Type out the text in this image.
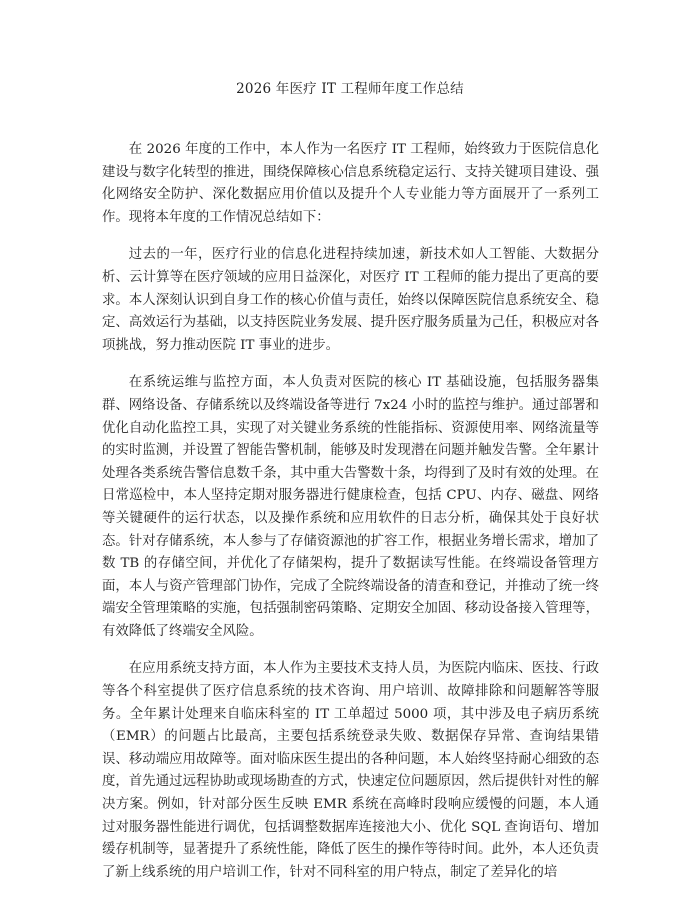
2026 年医疗 IT 工程师年度工作总结

在 2026 年度的工作中，本人作为一名医疗 IT 工程师，始终致力于医院信息化建设与数字化转型的推进，围绕保障核心信息系统稳定运行、支持关键项目建设、强化网络安全防护、深化数据应用价值以及提升个人专业能力等方面展开了一系列工作。现将本年度的工作情况总结如下：

过去的一年，医疗行业的信息化进程持续加速，新技术如人工智能、大数据分析、云计算等在医疗领域的应用日益深化，对医疗 IT 工程师的能力提出了更高的要求。本人深刻认识到自身工作的核心价值与责任，始终以保障医院信息系统安全、稳定、高效运行为基础，以支持医院业务发展、提升医疗服务质量为己任，积极应对各项挑战，努力推动医院 IT 事业的进步。

在系统运维与监控方面，本人负责对医院的核心 IT 基础设施，包括服务器集群、网络设备、存储系统以及终端设备等进行 7x24 小时的监控与维护。通过部署和优化自动化监控工具，实现了对关键业务系统的性能指标、资源使用率、网络流量等的实时监测，并设置了智能告警机制，能够及时发现潜在问题并触发告警。全年累计处理各类系统告警信息数千条，其中重大告警数十条，均得到了及时有效的处理。在日常巡检中，本人坚持定期对服务器进行健康检查，包括 CPU、内存、磁盘、网络等关键硬件的运行状态，以及操作系统和应用软件的日志分析，确保其处于良好状态。针对存储系统，本人参与了存储资源池的扩容工作，根据业务增长需求，增加了数 TB 的存储空间，并优化了存储架构，提升了数据读写性能。在终端设备管理方面，本人与资产管理部门协作，完成了全院终端设备的清查和登记，并推动了统一终端安全管理策略的实施，包括强制密码策略、定期安全加固、移动设备接入管理等，有效降低了终端安全风险。

在应用系统支持方面，本人作为主要技术支持人员，为医院内临床、医技、行政等各个科室提供了医疗信息系统的技术咨询、用户培训、故障排除和问题解答等服务。全年累计处理来自临床科室的 IT 工单超过 5000 项，其中涉及电子病历系统（EMR）的问题占比最高，主要包括系统登录失败、数据保存异常、查询结果错误、移动端应用故障等。面对临床医生提出的各种问题，本人始终坚持耐心细致的态度，首先通过远程协助或现场勘查的方式，快速定位问题原因，然后提供针对性的解决方案。例如，针对部分医生反映 EMR 系统在高峰时段响应缓慢的问题，本人通过对服务器性能进行调优，包括调整数据库连接池大小、优化 SQL 查询语句、增加缓存机制等，显著提升了系统性能，降低了医生的操作等待时间。此外，本人还负责了新上线系统的用户培训工作，针对不同科室的用户特点，制定了差异化的培
